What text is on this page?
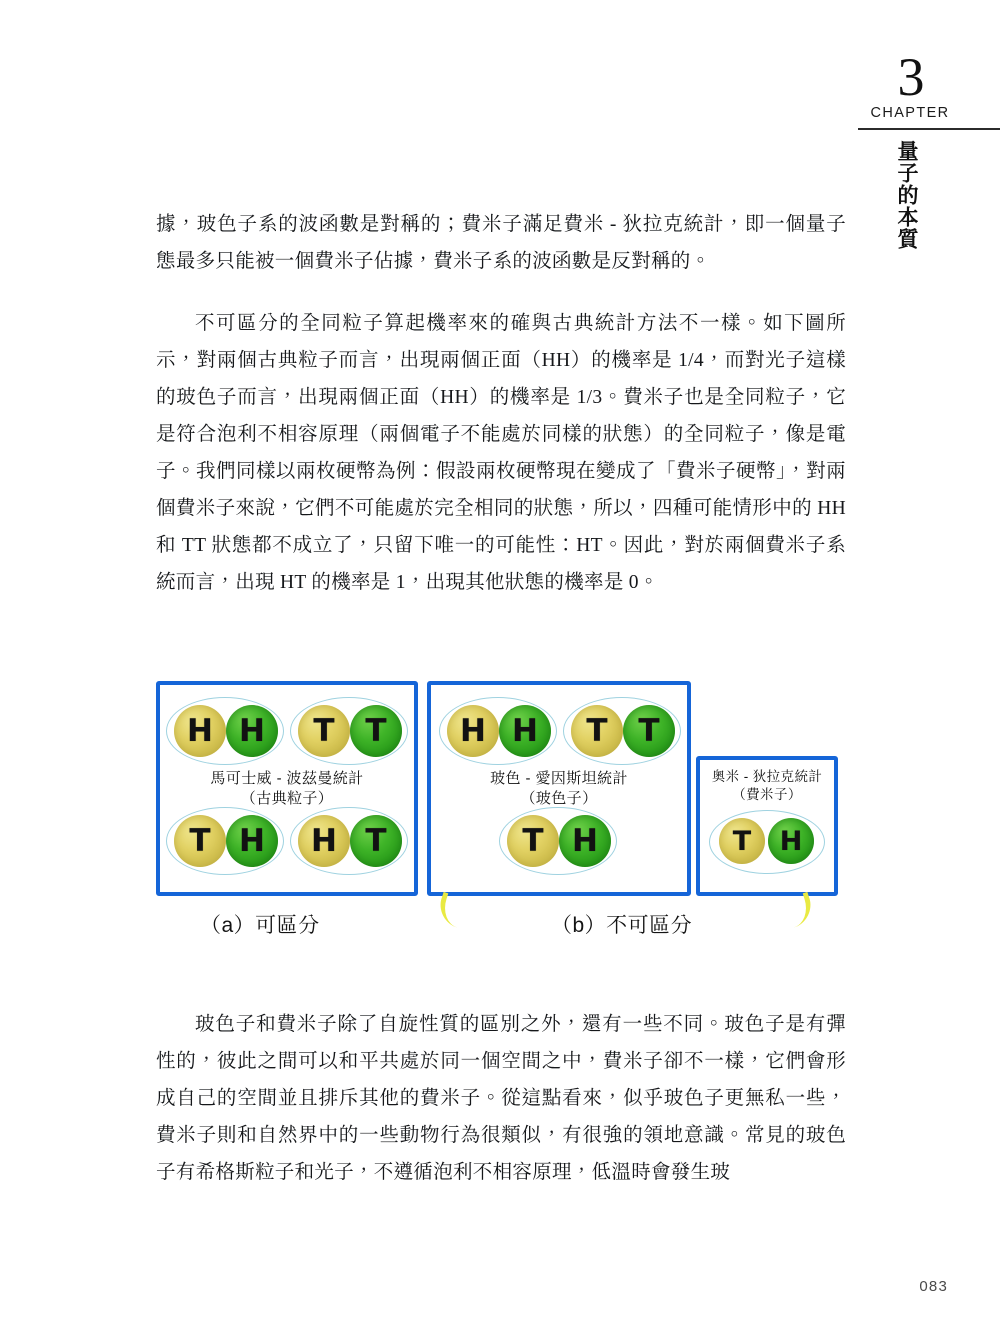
3
CHAPTER
量子的本質
據，玻色子系的波函數是對稱的；費米子滿足費米 - 狄拉克統計，即一個量子態最多只能被一個費米子佔據，費米子系的波函數是反對稱的。
不可區分的全同粒子算起機率來的確與古典統計方法不一樣。如下圖所示，對兩個古典粒子而言，出現兩個正面（HH）的機率是 1/4，而對光子這樣的玻色子而言，出現兩個正面（HH）的機率是 1/3。費米子也是全同粒子，它是符合泡利不相容原理（兩個電子不能處於同樣的狀態）的全同粒子，像是電子。我們同樣以兩枚硬幣為例：假設兩枚硬幣現在變成了「費米子硬幣」，對兩個費米子來說，它們不可能處於完全相同的狀態，所以，四種可能情形中的 HH 和 TT 狀態都不成立了，只留下唯一的可能性：HT。因此，對於兩個費米子系統而言，出現 HT 的機率是 1，出現其他狀態的機率是 0。
H H	T T
T H	H T
馬可士威 - 波茲曼統計
（古典粒子）
H H	T T
T H
玻色 - 愛因斯坦統計
（玻色子）
奧米 - 狄拉克統計
（費米子）
T	H
（a）可區分	（b）不可區分
玻色子和費米子除了自旋性質的區別之外，還有一些不同。玻色子是有彈性的，彼此之間可以和平共處於同一個空間之中，費米子卻不一樣，它們會形成自己的空間並且排斥其他的費米子。從這點看來，似乎玻色子更無私一些，費米子則和自然界中的一些動物行為很類似，有很強的領地意識。常見的玻色子有希格斯粒子和光子，不遵循泡利不相容原理，低溫時會發生玻
083
